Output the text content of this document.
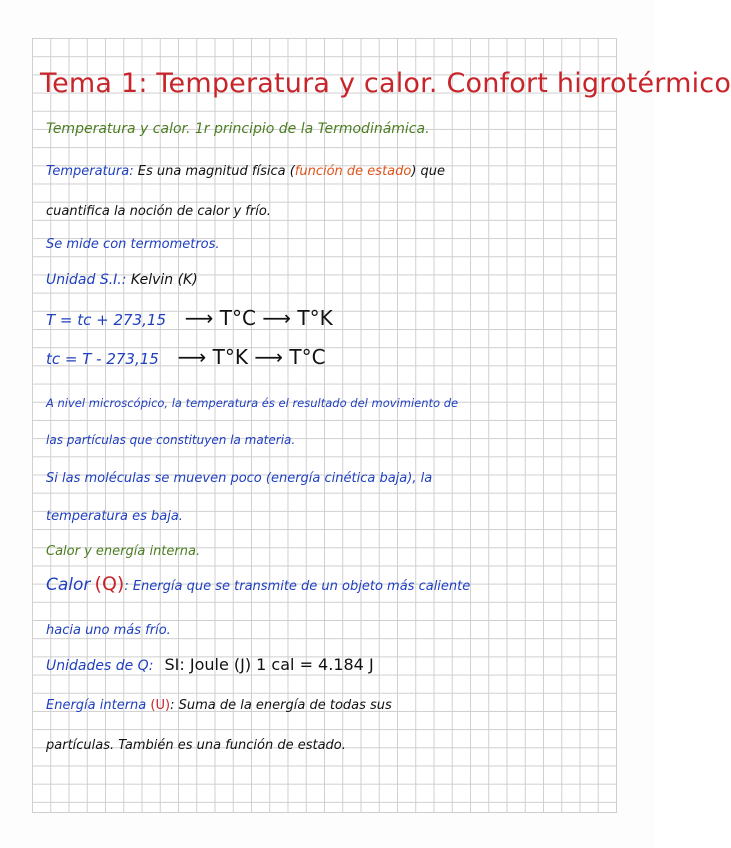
Tema 1: Temperatura y calor. Confort higrotérmico
Temperatura y calor. 1r principio de la Termodinámica.
Temperatura: Es una magnitud física (función de estado) que
cuantifica la noción de calor y frío.
Se mide con termometros.
Unidad S.I.: Kelvin (K)
T = tc + 273,15 ⟶ T°C ⟶ T°K
tc = T - 273,15 ⟶ T°K ⟶ T°C
A nivel microscópico, la temperatura és el resultado del movimiento de
las partículas que constituyen la materia.
Si las moléculas se mueven poco (energía cinética baja), la
temperatura es baja.
Calor y energía interna.
Calor (Q): Energía que se transmite de un objeto más caliente
hacia uno más frío.
Unidades de Q: SI: Joule (J) 1 cal = 4.184 J
Energía interna (U): Suma de la energía de todas sus
partículas. También es una función de estado.
